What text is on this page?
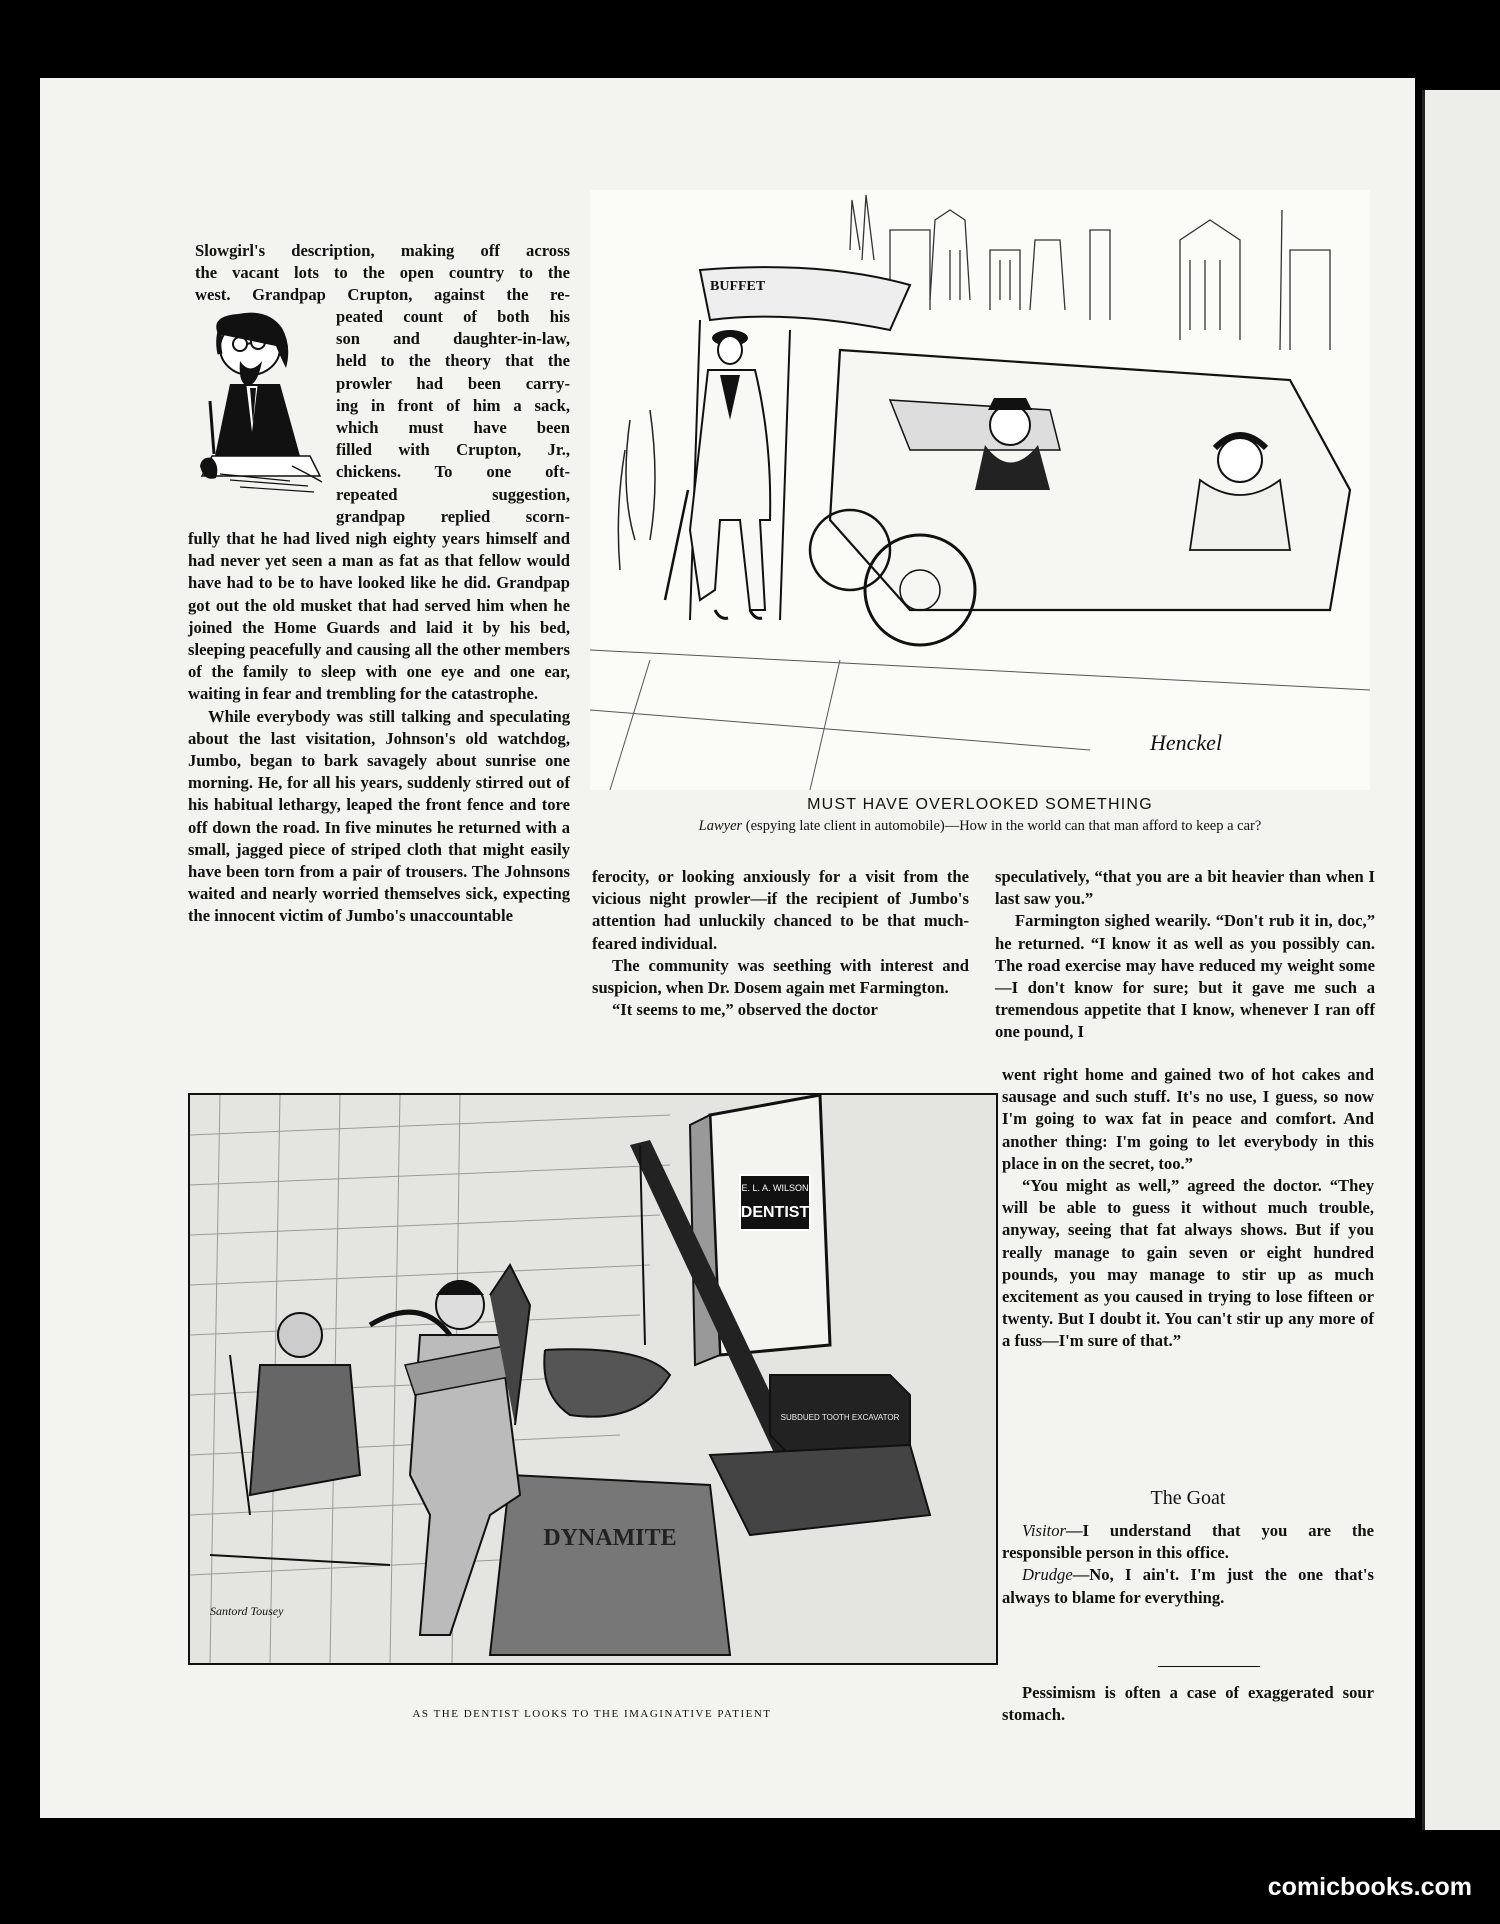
Slowgirl's description, making off across
the vacant lots to the open country to the
west. Grandpap Crupton, against the re-
peated count of both his
son and daughter-in-law,
held to the theory that the
prowler had been carry-
ing in front of him a sack,
which must have been
filled with Crupton, Jr.,
chickens. To one oft-
repeated suggestion,
grandpap replied scorn-

fully that he had lived nigh eighty years himself and had never yet seen a man as fat as that fellow would have had to be to have looked like he did. Grandpap got out the old musket that had served him when he joined the Home Guards and laid it by his bed, sleeping peacefully and causing all the other members of the family to sleep with one eye and one ear, waiting in fear and trembling for the catastrophe.

While everybody was still talking and speculating about the last visitation, Johnson's old watchdog, Jumbo, began to bark savagely about sunrise one morning. He, for all his years, suddenly stirred out of his habitual lethargy, leaped the front fence and tore off down the road. In five minutes he returned with a small, jagged piece of striped cloth that might easily have been torn from a pair of trousers. The Johnsons waited and nearly worried themselves sick, expecting the innocent victim of Jumbo's unaccountable

BUFFET
Henckel
MUST HAVE OVERLOOKED SOMETHING
Lawyer (espying late client in automobile)—How in the world can that man afford to keep a car?

ferocity, or looking anxiously for a visit from the vicious night prowler—if the recipient of Jumbo's attention had unluckily chanced to be that much-feared individual.

The community was seething with interest and suspicion, when Dr. Dosem again met Farmington.

“It seems to me,” observed the doctor

speculatively, “that you are a bit heavier than when I last saw you.”

Farmington sighed wearily. “Don't rub it in, doc,” he returned. “I know it as well as you possibly can. The road exercise may have reduced my weight some—I don't know for sure; but it gave me such a tremendous appetite that I know, whenever I ran off one pound, I

went right home and gained two of hot cakes and sausage and such stuff. It's no use, I guess, so now I'm going to wax fat in peace and comfort. And another thing: I'm going to let everybody in this place in on the secret, too.”

“You might as well,” agreed the doctor. “They will be able to guess it without much trouble, anyway, seeing that fat always shows. But if you really manage to gain seven or eight hundred pounds, you may manage to stir up as much excitement as you caused in trying to lose fifteen or twenty. But I doubt it. You can't stir up any more of a fuss—I'm sure of that.”

The Goat

Visitor—I understand that you are the responsible person in this office.

Drudge—No, I ain't. I'm just the one that's always to blame for everything.

Pessimism is often a case of exaggerated sour stomach.

E. L. A. WILSON
DENTIST
SUBDUED TOOTH EXCAVATOR
DYNAMITE
Santord Tousey
AS THE DENTIST LOOKS TO THE IMAGINATIVE PATIENT
comicbooks.com
